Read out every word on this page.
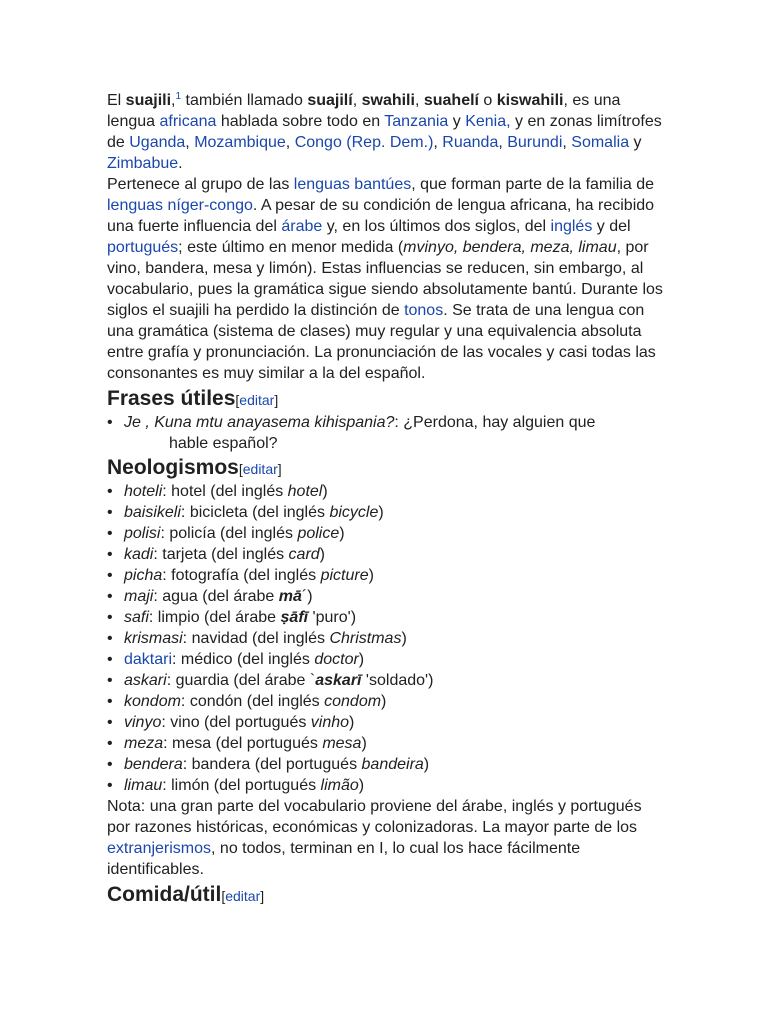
El suajili,$^1$ también llamado suajilí, swahili, suahelí o kiswahili, es una lengua africana hablada sobre todo en Tanzania y Kenia, y en zonas limítrofes de Uganda, Mozambique, Congo (Rep. Dem.), Ruanda, Burundi, Somalia y Zimbabue.

Pertenece al grupo de las lenguas bantúes, que forman parte de la familia de lenguas níger-congo. A pesar de su condición de lengua africana, ha recibido una fuerte influencia del árabe y, en los últimos dos siglos, del inglés y del portugués; este último en menor medida (mvinyo, bendera, meza, limau, por vino, bandera, mesa y limón). Estas influencias se reducen, sin embargo, al vocabulario, pues la gramática sigue siendo absolutamente bantú. Durante los siglos el suajili ha perdido la distinción de tonos. Se trata de una lengua con una gramática (sistema de clases) muy regular y una equivalencia absoluta entre grafía y pronunciación. La pronunciación de las vocales y casi todas las consonantes es muy similar a la del español.

Frases útiles[editar]
• Je , Kuna mtu anayasema kihispania?: ¿Perdona, hay alguien que
hable español?
Neologismos[editar]
• hoteli: hotel (del inglés hotel)
• baisikeli: bicicleta (del inglés bicycle)
• polisi: policía (del inglés police)
• kadi: tarjeta (del inglés card)
• picha: fotografía (del inglés picture)
• maji: agua (del árabe mā´)
• safi: limpio (del árabe ṣāfī 'puro')
• krismasi: navidad (del inglés Christmas)
• daktari: médico (del inglés doctor)
• askari: guardia (del árabe `askarī 'soldado')
• kondom: condón (del inglés condom)
• vinyo: vino (del portugués vinho)
• meza: mesa (del portugués mesa)
• bendera: bandera (del portugués bandeira)
• limau: limón (del portugués limão)

Nota: una gran parte del vocabulario proviene del árabe, inglés y portugués por razones históricas, económicas y colonizadoras. La mayor parte de los extranjerismos, no todos, terminan en I, lo cual los hace fácilmente identificables.

Comida/útil[editar]
